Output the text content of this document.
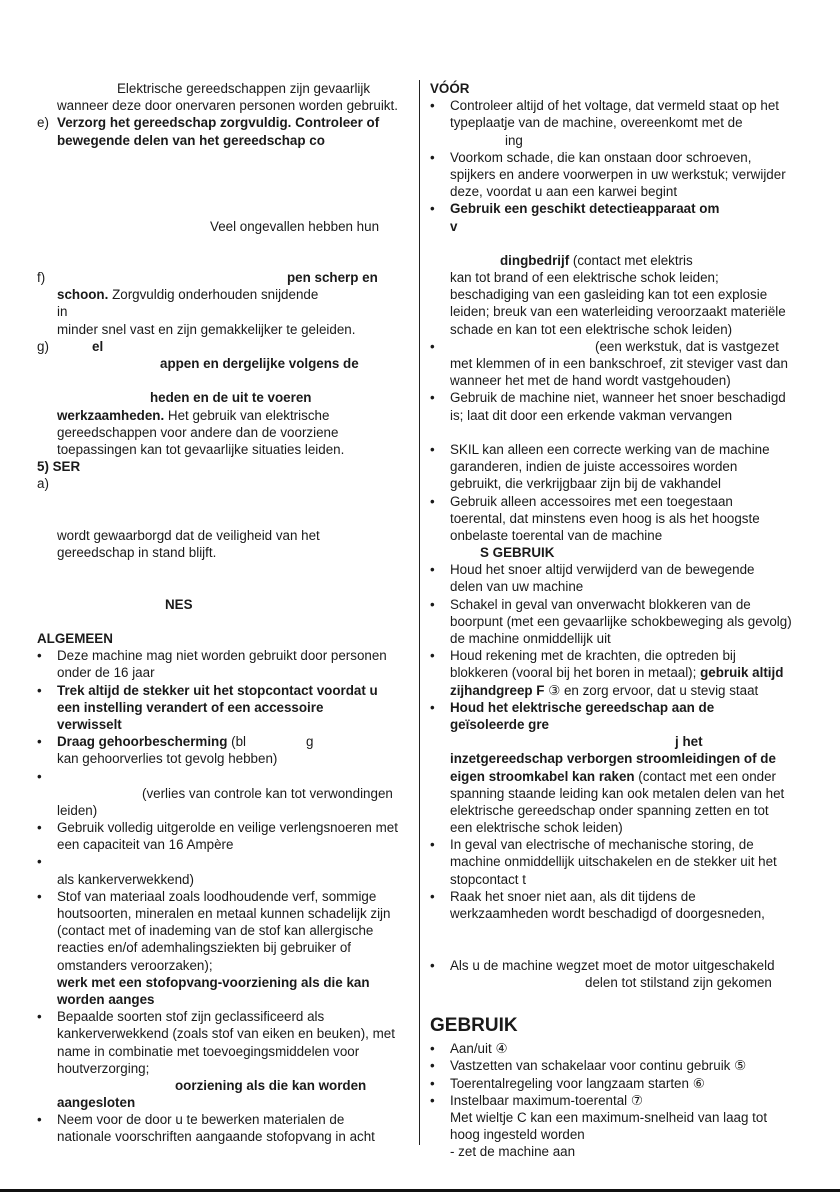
Elektrische gereedschappen zijn gevaarlijk
wanneer deze door onervaren personen worden gebruikt.
e) Verzorg het gereedschap zorgvuldig. Controleer of
bewegende delen van het gereedschap co
Veel ongevallen hebben hun
f)	pen scherp en
schoon. Zorgvuldig onderhouden snijdende
in
minder snel vast en zijn gemakkelijker te geleiden.
g)	el
appen en dergelijke volgens de
heden en de uit te voeren
werkzaamheden. Het gebruik van elektrische
gereedschappen voor andere dan de voorziene
toepassingen kan tot gevaarlijke situaties leiden.
5) SER
a)
wordt gewaarborgd dat de veiligheid van het
gereedschap in stand blijft.
NES
ALGEMEEN
• Deze machine mag niet worden gebruikt door personen
onder de 16 jaar
• Trek altijd de stekker uit het stopcontact voordat u
een instelling verandert of een accessoire
verwisselt
• Draag gehoorbescherming (bl	g
kan gehoorverlies tot gevolg hebben)
•
(verlies van controle kan tot verwondingen
leiden)
• Gebruik volledig uitgerolde en veilige verlengsnoeren met
een capaciteit van 16 Ampère
•
als kankerverwekkend)
• Stof van materiaal zoals loodhoudende verf, sommige
houtsoorten, mineralen en metaal kunnen schadelijk zijn
(contact met of inademing van de stof kan allergische
reacties en/of ademhalingsziekten bij gebruiker of
omstanders veroorzaken);
werk met een stofopvang-voorziening als die kan
worden aanges
• Bepaalde soorten stof zijn geclassificeerd als
kankerverwekkend (zoals stof van eiken en beuken), met
name in combinatie met toevoegingsmiddelen voor
houtverzorging;
oorziening als die kan worden
aangesloten
• Neem voor de door u te bewerken materialen de
nationale voorschriften aangaande stofopvang in acht
VÓÓR
• Controleer altijd of het voltage, dat vermeld staat op het
typeplaatje van de machine, overeenkomt met de
ing
• Voorkom schade, die kan onstaan door schroeven,
spijkers en andere voorwerpen in uw werkstuk; verwijder
deze, voordat u aan een karwei begint
• Gebruik een geschikt detectieapparaat om
v
dingbedrijf (contact met elektris
kan tot brand of een elektrische schok leiden;
beschadiging van een gasleiding kan tot een explosie
leiden; breuk van een waterleiding veroorzaakt materiële
schade en kan tot een elektrische schok leiden)
•	(een werkstuk, dat is vastgezet
met klemmen of in een bankschroef, zit steviger vast dan
wanneer het met de hand wordt vastgehouden)
• Gebruik de machine niet, wanneer het snoer beschadigd
is; laat dit door een erkende vakman vervangen
• SKIL kan alleen een correcte werking van de machine
garanderen, indien de juiste accessoires worden
gebruikt, die verkrijgbaar zijn bij de vakhandel
• Gebruik alleen accessoires met een toegestaan
toerental, dat minstens even hoog is als het hoogste
onbelaste toerental van de machine
S GEBRUIK
• Houd het snoer altijd verwijderd van de bewegende
delen van uw machine
• Schakel in geval van onverwacht blokkeren van de
boorpunt (met een gevaarlijke schokbeweging als gevolg)
de machine onmiddellijk uit
• Houd rekening met de krachten, die optreden bij
blokkeren (vooral bij het boren in metaal); gebruik altijd
zijhandgreep F ③ en zorg ervoor, dat u stevig staat
• Houd het elektrische gereedschap aan de
geïsoleerde gre
j het
inzetgereedschap verborgen stroomleidingen of de
eigen stroomkabel kan raken (contact met een onder
spanning staande leiding kan ook metalen delen van het
elektrische gereedschap onder spanning zetten en tot
een elektrische schok leiden)
• In geval van electrische of mechanische storing, de
machine onmiddellijk uitschakelen en de stekker uit het
stopcontact t
• Raak het snoer niet aan, als dit tijdens de
werkzaamheden wordt beschadigd of doorgesneden,
• Als u de machine wegzet moet de motor uitgeschakeld
delen tot stilstand zijn gekomen
GEBRUIK
• Aan/uit ④
• Vastzetten van schakelaar voor continu gebruik ⑤
• Toerentalregeling voor langzaam starten ⑥
• Instelbaar maximum-toerental ⑦
Met wieltje C kan een maximum-snelheid van laag tot
hoog ingesteld worden
- zet de machine aan
